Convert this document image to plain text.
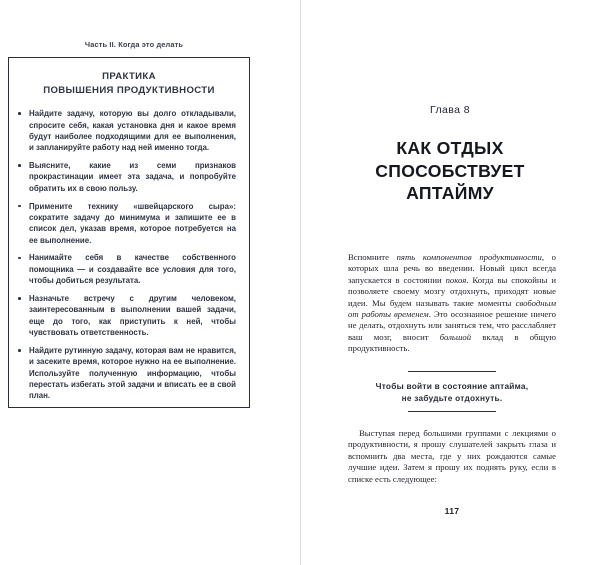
Часть II. Когда это делать
ПРАКТИКА
ПОВЫШЕНИЯ ПРОДУКТИВНОСТИ
Найдите задачу, которую вы долго откладывали, спросите себя, какая установка дня и какое время будут наиболее подходящими для ее выполнения, и запланируйте работу над ней именно тогда.
Выясните, какие из семи признаков прокрастинации имеет эта задача, и попробуйте обратить их в свою пользу.
Примените технику «швейцарского сыра»: сократите задачу до минимума и запишите ее в список дел, указав время, которое потребуется на ее выполнение.
Нанимайте себя в качестве собственного помощника — и создавайте все условия для того, чтобы добиться результата.
Назначьте встречу с другим человеком, заинтересованным в выполнении вашей задачи, еще до того, как приступить к ней, чтобы чувствовать ответственность.
Найдите рутинную задачу, которая вам не нравится, и засеките время, которое нужно на ее выполнение. Используйте полученную информацию, чтобы перестать избегать этой задачи и вписать ее в свой план.
Глава 8
КАК ОТДЫХ
СПОСОБСТВУЕТ
АПТАЙМУ

Вспомните пять компонентов продуктивности, о которых шла речь во введении. Новый цикл всегда запускается в состоянии покоя. Когда вы спокойны и позволяете своему мозгу отдохнуть, приходят новые идеи. Мы будем называть такие моменты свободным от работы временем. Это осознанное решение ничего не делать, отдохнуть или заняться тем, что расслабляет ваш мозг, вносит большой вклад в общую продуктивность.

Чтобы войти в состояние аптайма,
не забудьте отдохнуть.

Выступая перед большими группами с лекциями о продуктивности, я прошу слушателей закрыть глаза и вспомнить два места, где у них рождаются самые лучшие идеи. Затем я прошу их поднять руку, если в списке есть следующее:

117
